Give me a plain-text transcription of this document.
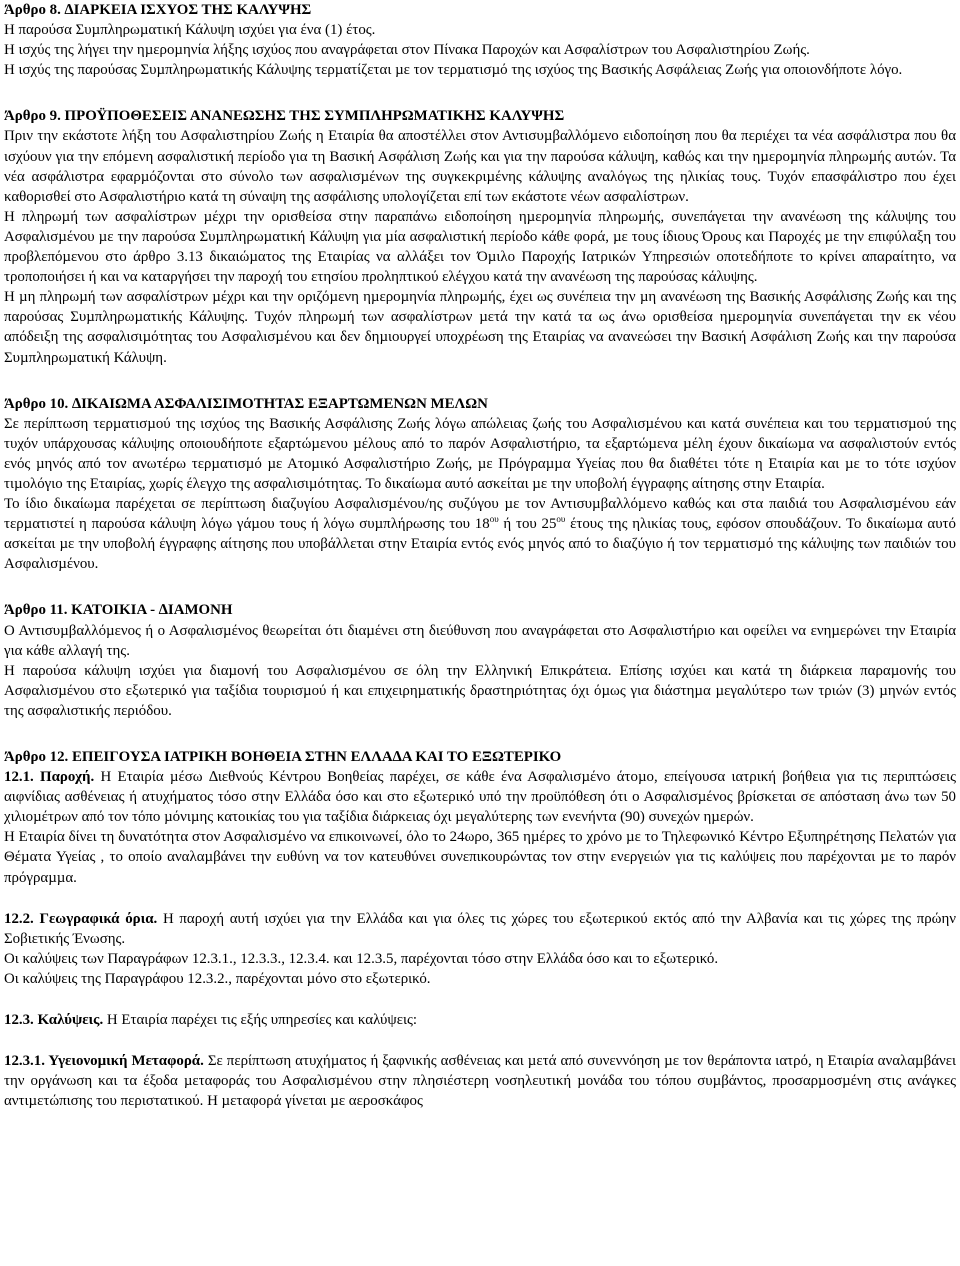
Άρθρο 8. ∆ΙΑΡΚΕΙΑ ΙΣΧΥΟΣ ΤΗΣ ΚΑΛΥΨΗΣ

Η παρούσα Συµπληρωµατική Κάλυψη ισχύει για ένα (1) έτος.

Η ισχύς της λήγει την ηµεροµηνία λήξης ισχύος που αναγράφεται στον Πίνακα Παροχών και Ασφαλίστρων του Ασφαλιστηρίου Ζωής.

Η ισχύς της παρούσας Συµπληρωµατικής Κάλυψης τερµατίζεται µε τον τερµατισµό της ισχύος της Βασικής Ασφάλειας Ζωής για οποιονδήποτε λόγο.

Άρθρο 9. ΠΡΟΫΠΟΘΕΣΕΙΣ ΑΝΑΝΕΩΣΗΣ ΤΗΣ ΣΥΜΠΛΗΡΩΜΑΤΙΚΗΣ ΚΑΛΥΨΗΣ

Πριν την εκάστοτε λήξη του Ασφαλιστηρίου Ζωής η Εταιρία θα αποστέλλει στον Αντισυµβαλλόµενο ειδοποίηση που θα περιέχει τα νέα ασφάλιστρα που θα ισχύουν για την επόµενη ασφαλιστική περίοδο για τη Βασική Ασφάλιση Ζωής και για την παρούσα κάλυψη, καθώς και την ηµεροµηνία πληρωµής αυτών. Τα νέα ασφάλιστρα εφαρµόζονται στο σύνολο των ασφαλισµένων της συγκεκριµένης κάλυψης αναλόγως της ηλικίας τους. Τυχόν επασφάλιστρο που έχει καθορισθεί στο Ασφαλιστήριο κατά τη σύναψη της ασφάλισης υπολογίζεται επί των εκάστοτε νέων ασφαλίστρων.

Η πληρωµή των ασφαλίστρων µέχρι την ορισθείσα στην παραπάνω ειδοποίηση ηµεροµηνία πληρωµής, συνεπάγεται την ανανέωση της κάλυψης του Ασφαλισµένου µε την παρούσα Συµπληρωµατική Κάλυψη για µία ασφαλιστική περίοδο κάθε φορά, µε τους ίδιους Όρους και Παροχές µε την επιφύλαξη του προβλεπόµενου στο άρθρο 3.13 δικαιώµατος της Εταιρίας να αλλάξει τον Όµιλο Παροχής Ιατρικών Υπηρεσιών οποτεδήποτε το κρίνει απαραίτητο, να τροποποιήσει ή και να καταργήσει την παροχή του ετησίου προληπτικού ελέγχου κατά την ανανέωση της παρούσας κάλυψης.

Η µη πληρωµή των ασφαλίστρων µέχρι και την οριζόµενη ηµεροµηνία πληρωµής, έχει ως συνέπεια την µη ανανέωση της Βασικής Ασφάλισης Ζωής και της παρούσας Συµπληρωµατικής Κάλυψης. Τυχόν πληρωµή των ασφαλίστρων µετά την κατά τα ως άνω ορισθείσα ηµεροµηνία συνεπάγεται την εκ νέου απόδειξη της ασφαλισιµότητας του Ασφαλισµένου και δεν δηµιουργεί υποχρέωση της Εταιρίας να ανανεώσει την Βασική Ασφάλιση Ζωής και την παρούσα Συµπληρωµατική Κάλυψη.

Άρθρο 10. ∆ΙΚΑΙΩΜΑ ΑΣΦΑΛΙΣΙΜΟΤΗΤΑΣ ΕΞΑΡΤΩΜΕΝΩΝ ΜΕΛΩΝ

Σε περίπτωση τερµατισµού της ισχύος της Βασικής Ασφάλισης Ζωής λόγω απώλειας ζωής του Ασφαλισµένου και κατά συνέπεια και του τερµατισµού της τυχόν υπάρχουσας κάλυψης οποιουδήποτε εξαρτώµενου µέλους από το παρόν Ασφαλιστήριο, τα εξαρτώµενα µέλη έχουν δικαίωµα να ασφαλιστούν εντός ενός µηνός από τον ανωτέρω τερµατισµό µε Ατοµικό Ασφαλιστήριο Ζωής, µε Πρόγραµµα Υγείας που θα διαθέτει τότε η Εταιρία και µε το τότε ισχύον τιµολόγιο της Εταιρίας, χωρίς έλεγχο της ασφαλισιµότητας. Το δικαίωµα αυτό ασκείται µε την υποβολή έγγραφης αίτησης στην Εταιρία.

Το ίδιο δικαίωµα παρέχεται σε περίπτωση διαζυγίου Ασφαλισµένου/ης συζύγου µε τον Αντισυµβαλλόµενο καθώς και στα παιδιά του Ασφαλισµένου εάν τερµατιστεί η παρούσα κάλυψη λόγω γάµου τους ή λόγω συµπλήρωσης του $18^{o\upsilon}$ ή του $25^{o\upsilon}$ έτους της ηλικίας τους, εφόσον σπουδάζουν. Το δικαίωµα αυτό ασκείται µε την υποβολή έγγραφης αίτησης που υποβάλλεται στην Εταιρία εντός ενός µηνός από το διαζύγιο ή τον τερµατισµό της κάλυψης των παιδιών του Ασφαλισµένου.

Άρθρο 11. ΚΑΤΟΙΚΙΑ - ∆ΙΑΜΟΝΗ

Ο Αντισυµβαλλόµενος ή ο Ασφαλισµένος θεωρείται ότι διαµένει στη διεύθυνση που αναγράφεται στο Ασφαλιστήριο και οφείλει να ενηµερώνει την Εταιρία για κάθε αλλαγή της.

Η παρούσα κάλυψη ισχύει για διαµονή του Ασφαλισµένου σε όλη την Ελληνική Επικράτεια. Επίσης ισχύει και κατά τη διάρκεια παραµονής του Ασφαλισµένου στο εξωτερικό για ταξίδια τουρισµού ή και επιχειρηµατικής δραστηριότητας όχι όµως για διάστηµα µεγαλύτερο των τριών (3) µηνών εντός της ασφαλιστικής περιόδου.

Άρθρο 12. ΕΠΕΙΓΟΥΣΑ ΙΑΤΡΙΚΗ ΒΟΗΘΕΙΑ ΣΤΗΝ ΕΛΛΑ∆Α ΚΑΙ ΤΟ ΕΞΩΤΕΡΙΚΟ

12.1. Παροχή. Η Εταιρία µέσω ∆ιεθνούς Κέντρου Βοηθείας παρέχει, σε κάθε ένα Ασφαλισµένο άτοµο, επείγουσα ιατρική βοήθεια για τις περιπτώσεις αιφνίδιας ασθένειας ή ατυχήµατος τόσο στην Ελλάδα όσο και στο εξωτερικό υπό την προϋπόθεση ότι ο Ασφαλισµένος βρίσκεται σε απόσταση άνω των 50 χιλιοµέτρων από τον τόπο µόνιµης κατοικίας του για ταξίδια διάρκειας όχι µεγαλύτερης των ενενήντα (90) συνεχών ηµερών.

Η Εταιρία δίνει τη δυνατότητα στον Ασφαλισµένο να επικοινωνεί, όλο το 24ωρο, 365 ηµέρες το χρόνο µε το Τηλεφωνικό Κέντρο Εξυπηρέτησης Πελατών για Θέµατα Υγείας , το οποίο αναλαµβάνει την ευθύνη να τον κατευθύνει συνεπικουρώντας τον στην ενεργειών για τις καλύψεις που παρέχονται µε το παρόν πρόγραµµα.

12.2. Γεωγραφικά όρια. Η παροχή αυτή ισχύει για την Ελλάδα και για όλες τις χώρες του εξωτερικού εκτός από την Αλβανία και τις χώρες της πρώην Σοβιετικής Ένωσης.

Οι καλύψεις των Παραγράφων 12.3.1., 12.3.3., 12.3.4. και 12.3.5, παρέχονται τόσο στην Ελλάδα όσο και το εξωτερικό.

Οι καλύψεις της Παραγράφου 12.3.2., παρέχονται µόνο στο εξωτερικό.

12.3. Καλύψεις. Η Εταιρία παρέχει τις εξής υπηρεσίες και καλύψεις:

12.3.1. Υγειονοµική Μεταφορά. Σε περίπτωση ατυχήµατος ή ξαφνικής ασθένειας και µετά από συνεννόηση µε τον θεράποντα ιατρό, η Εταιρία αναλαµβάνει την οργάνωση και τα έξοδα µεταφοράς του Ασφαλισµένου στην πλησιέστερη νοσηλευτική µονάδα του τόπου συµβάντος, προσαρµοσµένη στις ανάγκες αντιµετώπισης του περιστατικού. Η µεταφορά γίνεται µε αεροσκάφος
